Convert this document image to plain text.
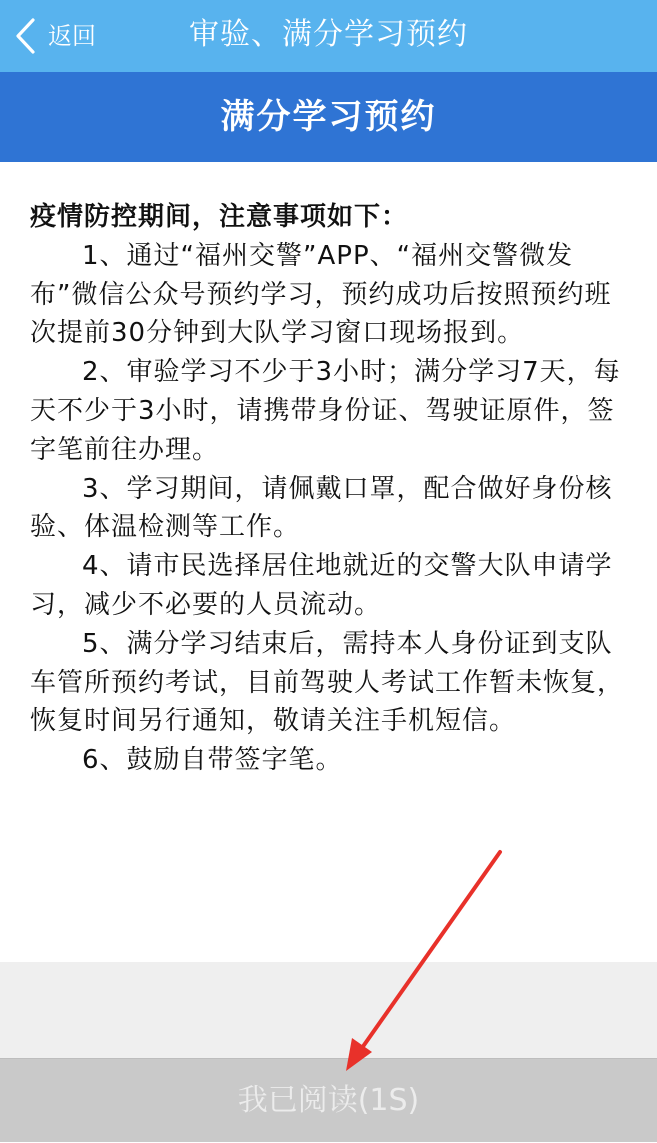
返回	审验、满分学习预约
满分学习预约

疫情防控期间，注意事项如下：

1、通过“福州交警”APP、“福州交警微发布”微信公众号预约学习，预约成功后按照预约班次提前30分钟到大队学习窗口现场报到。

2、审验学习不少于3小时；满分学习7天，每天不少于3小时，请携带身份证、驾驶证原件，签字笔前往办理。

3、学习期间，请佩戴口罩，配合做好身份核验、体温检测等工作。

4、请市民选择居住地就近的交警大队申请学习，减少不必要的人员流动。

5、满分学习结束后，需持本人身份证到支队车管所预约考试，目前驾驶人考试工作暂未恢复，恢复时间另行通知，敬请关注手机短信。

6、鼓励自带签字笔。

我已阅读(1S)
